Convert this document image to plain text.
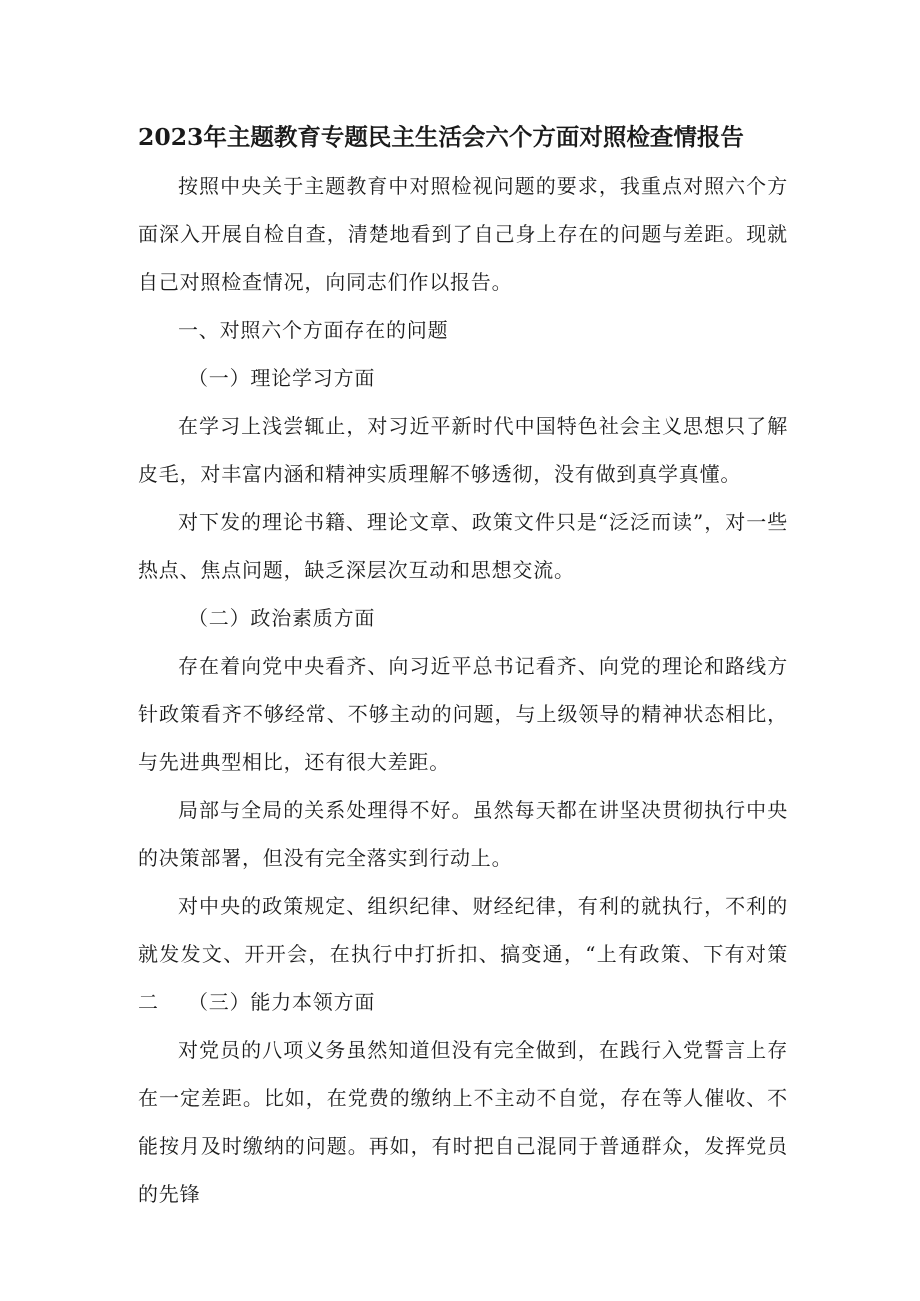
2023年主题教育专题民主生活会六个方面对照检查情报告

按照中央关于主题教育中对照检视问题的要求，我重点对照六个方面深入开展自检自查，清楚地看到了自己身上存在的问题与差距。现就自己对照检查情况，向同志们作以报告。

一、对照六个方面存在的问题

（一）理论学习方面

在学习上浅尝辄止，对习近平新时代中国特色社会主义思想只了解皮毛，对丰富内涵和精神实质理解不够透彻，没有做到真学真懂。

对下发的理论书籍、理论文章、政策文件只是“泛泛而读”，对一些热点、焦点问题，缺乏深层次互动和思想交流。

（二）政治素质方面

存在着向党中央看齐、向习近平总书记看齐、向党的理论和路线方针政策看齐不够经常、不够主动的问题，与上级领导的精神状态相比，与先进典型相比，还有很大差距。

局部与全局的关系处理得不好。虽然每天都在讲坚决贯彻执行中央的决策部署，但没有完全落实到行动上。

对中央的政策规定、组织纪律、财经纪律，有利的就执行，不利的就发发文、开开会，在执行中打折扣、搞变通，“上有政策、下有对策二	（三）能力本领方面

对党员的八项义务虽然知道但没有完全做到，在践行入党誓言上存在一定差距。比如，在党费的缴纳上不主动不自觉，存在等人催收、不能按月及时缴纳的问题。再如，有时把自己混同于普通群众，发挥党员的先锋
